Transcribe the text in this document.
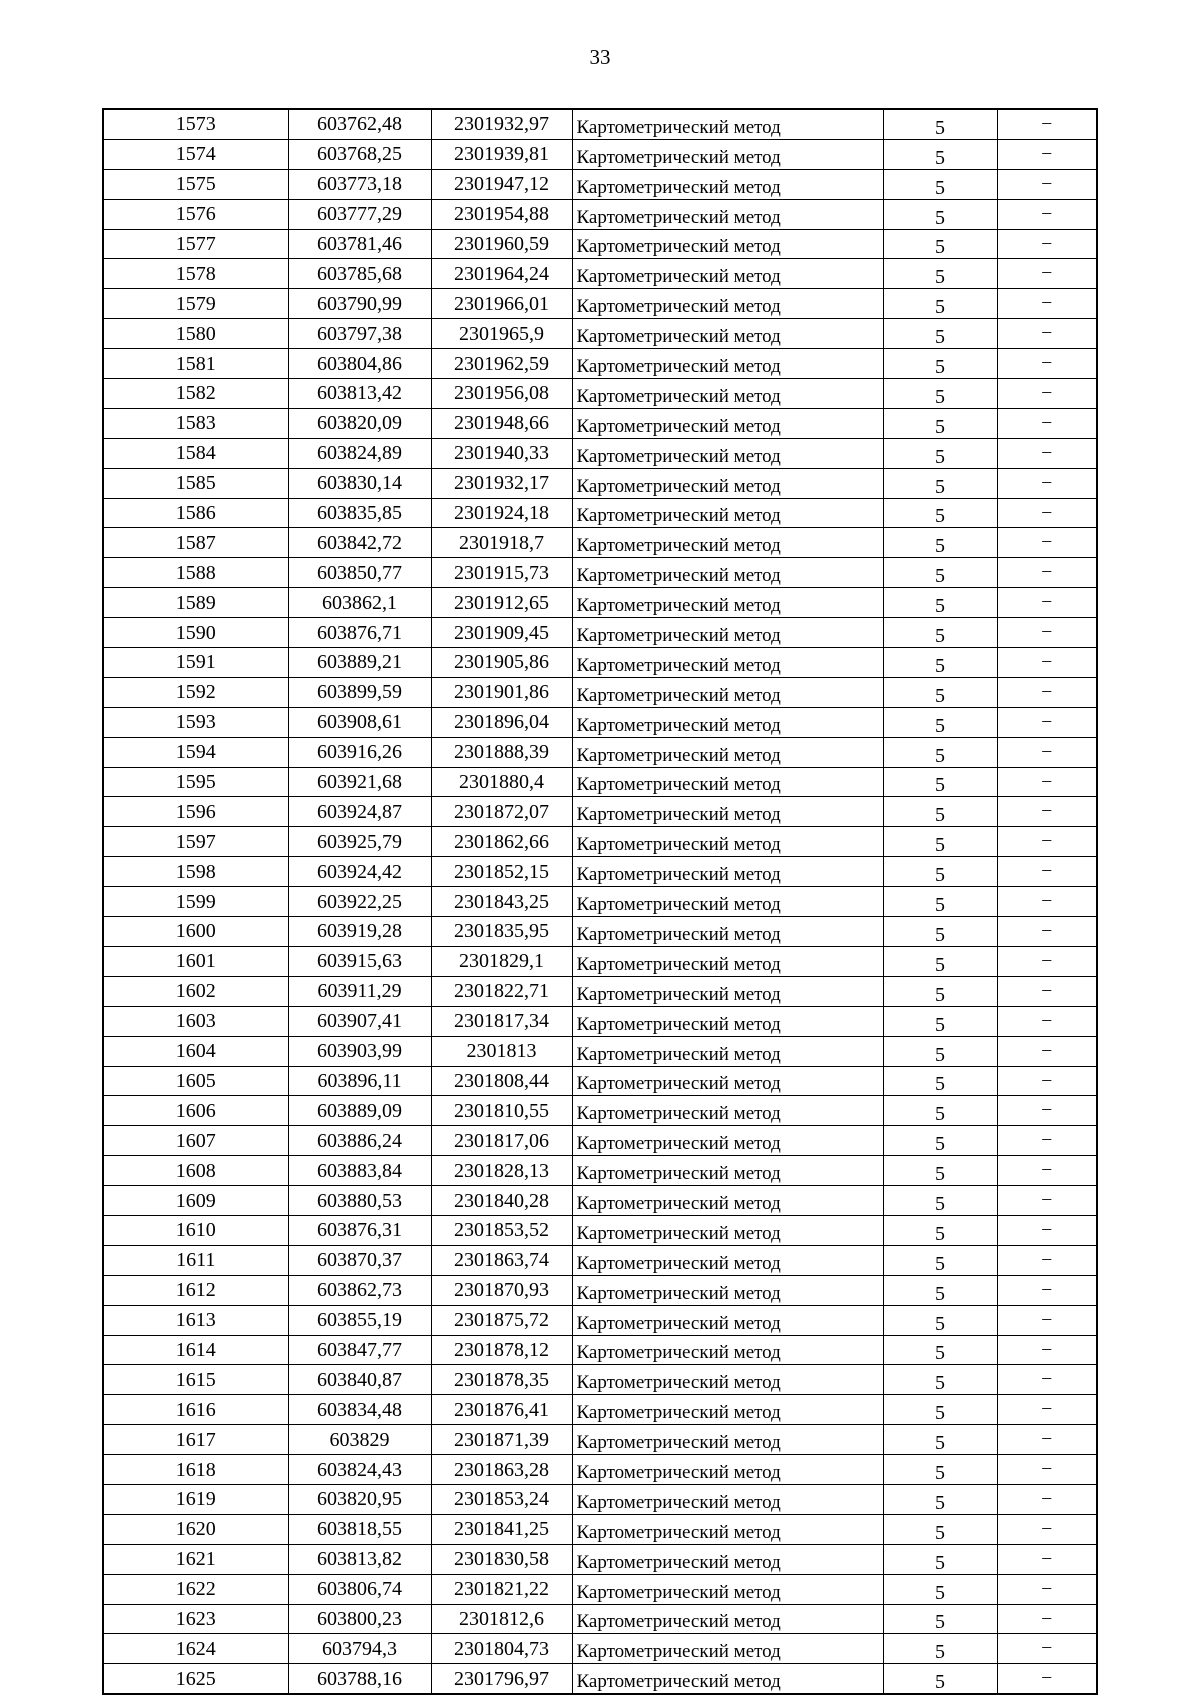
33
1573	603762,48	2301932,97	Картометрический метод	5	–
1574	603768,25	2301939,81	Картометрический метод	5	–
1575	603773,18	2301947,12	Картометрический метод	5	–
1576	603777,29	2301954,88	Картометрический метод	5	–
1577	603781,46	2301960,59	Картометрический метод	5	–
1578	603785,68	2301964,24	Картометрический метод	5	–
1579	603790,99	2301966,01	Картометрический метод	5	–
1580	603797,38	2301965,9	Картометрический метод	5	–
1581	603804,86	2301962,59	Картометрический метод	5	–
1582	603813,42	2301956,08	Картометрический метод	5	–
1583	603820,09	2301948,66	Картометрический метод	5	–
1584	603824,89	2301940,33	Картометрический метод	5	–
1585	603830,14	2301932,17	Картометрический метод	5	–
1586	603835,85	2301924,18	Картометрический метод	5	–
1587	603842,72	2301918,7	Картометрический метод	5	–
1588	603850,77	2301915,73	Картометрический метод	5	–
1589	603862,1	2301912,65	Картометрический метод	5	–
1590	603876,71	2301909,45	Картометрический метод	5	–
1591	603889,21	2301905,86	Картометрический метод	5	–
1592	603899,59	2301901,86	Картометрический метод	5	–
1593	603908,61	2301896,04	Картометрический метод	5	–
1594	603916,26	2301888,39	Картометрический метод	5	–
1595	603921,68	2301880,4	Картометрический метод	5	–
1596	603924,87	2301872,07	Картометрический метод	5	–
1597	603925,79	2301862,66	Картометрический метод	5	–
1598	603924,42	2301852,15	Картометрический метод	5	–
1599	603922,25	2301843,25	Картометрический метод	5	–
1600	603919,28	2301835,95	Картометрический метод	5	–
1601	603915,63	2301829,1	Картометрический метод	5	–
1602	603911,29	2301822,71	Картометрический метод	5	–
1603	603907,41	2301817,34	Картометрический метод	5	–
1604	603903,99	2301813	Картометрический метод	5	–
1605	603896,11	2301808,44	Картометрический метод	5	–
1606	603889,09	2301810,55	Картометрический метод	5	–
1607	603886,24	2301817,06	Картометрический метод	5	–
1608	603883,84	2301828,13	Картометрический метод	5	–
1609	603880,53	2301840,28	Картометрический метод	5	–
1610	603876,31	2301853,52	Картометрический метод	5	–
1611	603870,37	2301863,74	Картометрический метод	5	–
1612	603862,73	2301870,93	Картометрический метод	5	–
1613	603855,19	2301875,72	Картометрический метод	5	–
1614	603847,77	2301878,12	Картометрический метод	5	–
1615	603840,87	2301878,35	Картометрический метод	5	–
1616	603834,48	2301876,41	Картометрический метод	5	–
1617	603829	2301871,39	Картометрический метод	5	–
1618	603824,43	2301863,28	Картометрический метод	5	–
1619	603820,95	2301853,24	Картометрический метод	5	–
1620	603818,55	2301841,25	Картометрический метод	5	–
1621	603813,82	2301830,58	Картометрический метод	5	–
1622	603806,74	2301821,22	Картометрический метод	5	–
1623	603800,23	2301812,6	Картометрический метод	5	–
1624	603794,3	2301804,73	Картометрический метод	5	–
1625	603788,16	2301796,97	Картометрический метод	5	–
